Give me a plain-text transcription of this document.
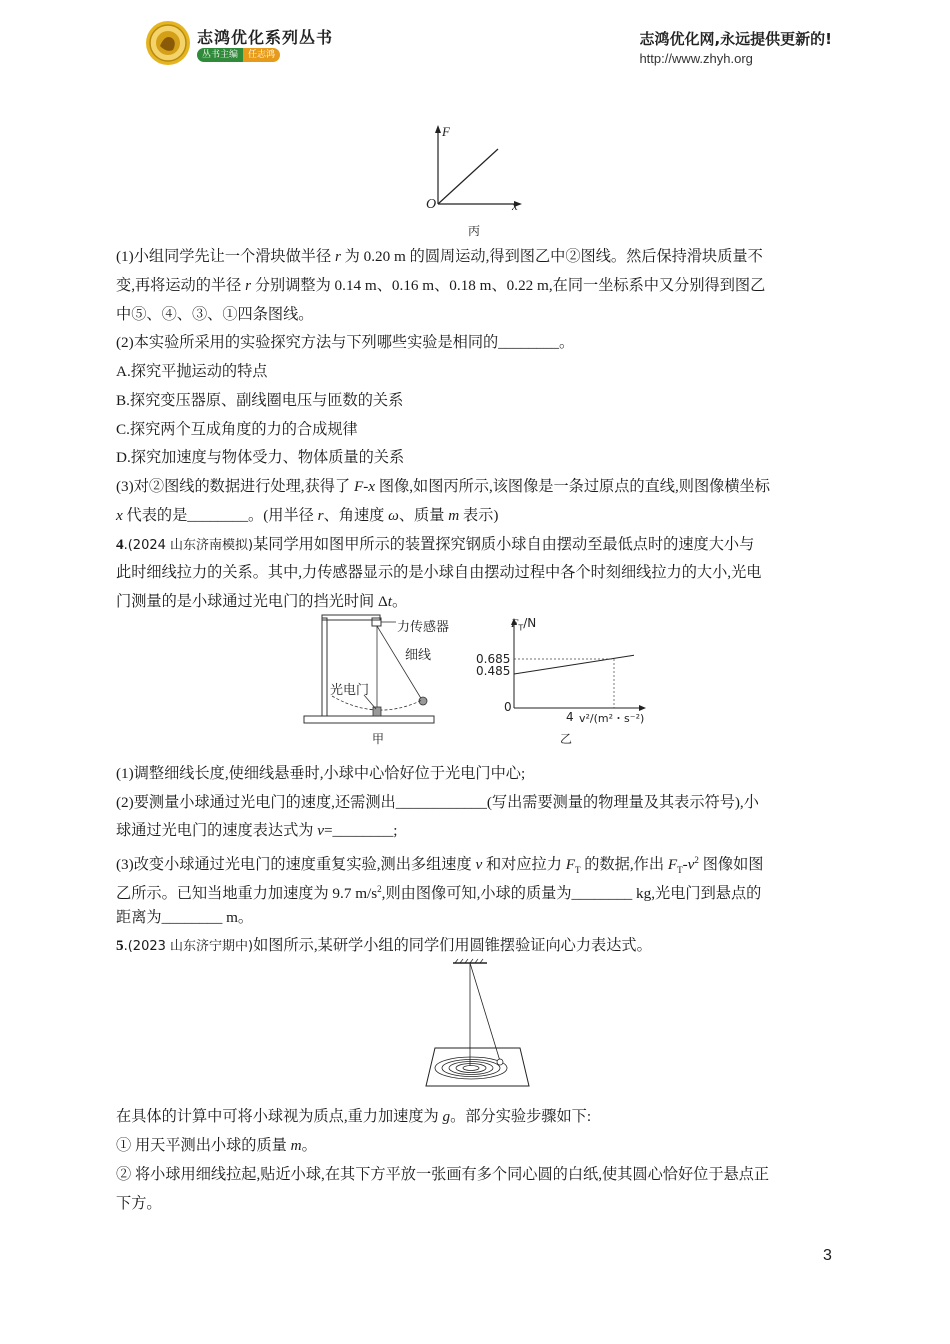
志鸿优化系列丛书
丛书主编	任志鸿
志鸿优化网,永远提供更新的!
http://www.zhyh.org
F
x
O
丙
(1)小组同学先让一个滑块做半径 r 为 0.20 m 的圆周运动,得到图乙中②图线。然后保持滑块质量不
变,再将运动的半径 r 分别调整为 0.14 m、0.16 m、0.18 m、0.22 m,在同一坐标系中又分别得到图乙
中⑤、④、③、①四条图线。
(2)本实验所采用的实验探究方法与下列哪些实验是相同的________。
A.探究平抛运动的特点
B.探究变压器原、副线圈电压与匝数的关系
C.探究两个互成角度的力的合成规律
D.探究加速度与物体受力、物体质量的关系
(3)对②图线的数据进行处理,获得了 F-x 图像,如图丙所示,该图像是一条过原点的直线,则图像横坐标
x 代表的是________。(用半径 r、角速度 ω、质量 m 表示)
4.(2024 山东济南模拟)某同学用如图甲所示的装置探究钢质小球自由摆动至最低点时的速度大小与
此时细线拉力的关系。其中,力传感器显示的是小球自由摆动过程中各个时刻细线拉力的大小,光电
门测量的是小球通过光电门的挡光时间 Δt。
力传感器
细线
光电门
甲
$F_T/N$
0.685
0.485
0
4 v²/(m²・s⁻²)
乙
(1)调整细线长度,使细线悬垂时,小球中心恰好位于光电门中心;
(2)要测量小球通过光电门的速度,还需测出____________(写出需要测量的物理量及其表示符号),小
球通过光电门的速度表达式为 v=________;
(3)改变小球通过光电门的速度重复实验,测出多组速度 v 和对应拉力 $F_T$ 的数据,作出 $F_T-v^2$ 图像如图
乙所示。已知当地重力加速度为 9.7 $m/s^2$,则由图像可知,小球的质量为________ kg,光电门到悬点的
距离为________ m。
5.(2023 山东济宁期中)如图所示,某研学小组的同学们用圆锥摆验证向心力表达式。
在具体的计算中可将小球视为质点,重力加速度为 g。部分实验步骤如下:
① 用天平测出小球的质量 m。
② 将小球用细线拉起,贴近小球,在其下方平放一张画有多个同心圆的白纸,使其圆心恰好位于悬点正
下方。
3
